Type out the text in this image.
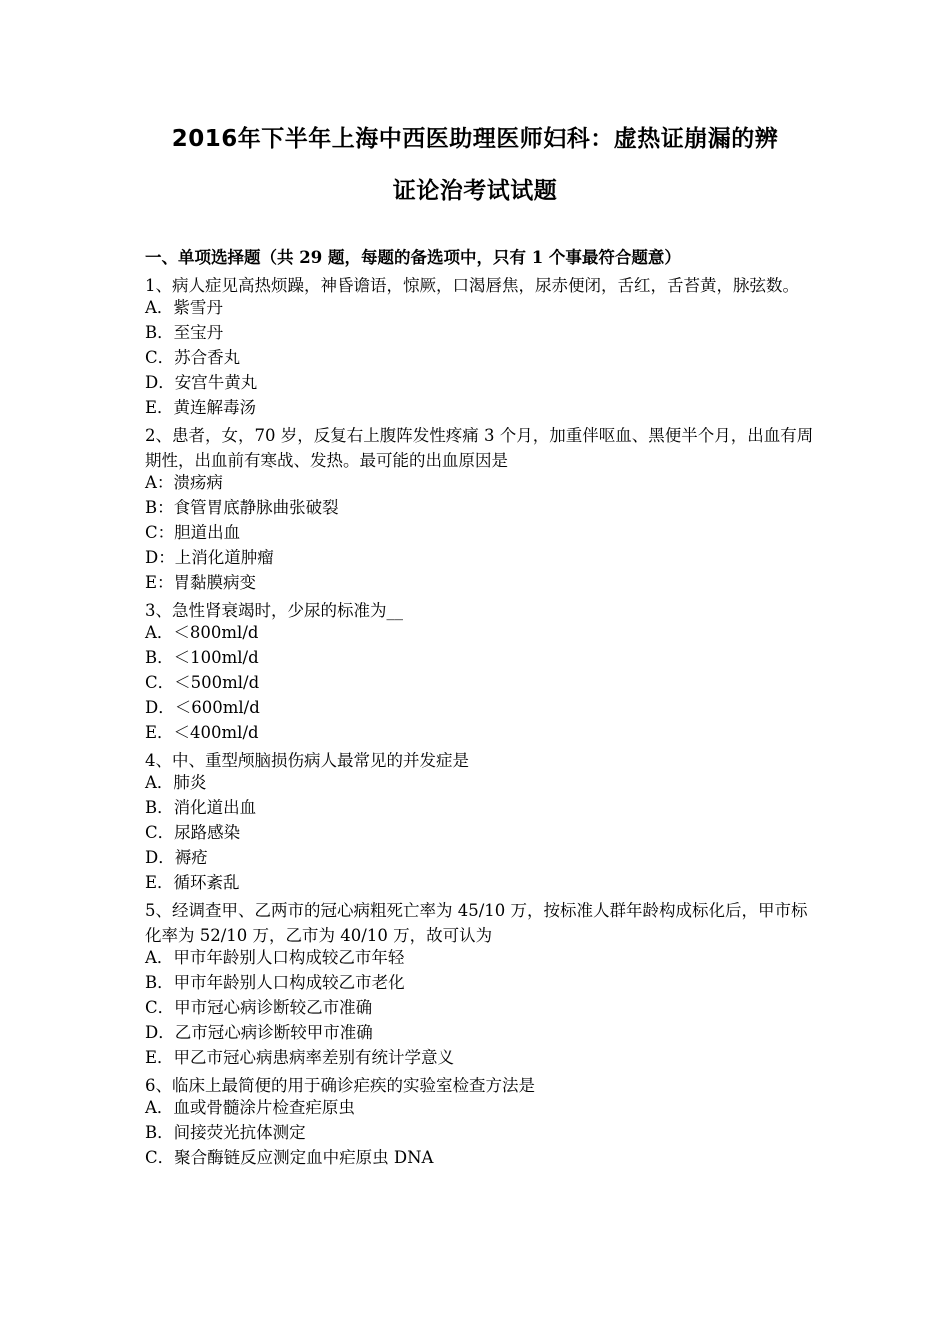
2016年下半年上海中西医助理医师妇科：虚热证崩漏的辨
证论治考试试题
一、单项选择题（共 29 题，每题的备选项中，只有 1 个事最符合题意）
1、病人症见高热烦躁，神昏谵语，惊厥，口渴唇焦，尿赤便闭，舌红，舌苔黄，脉弦数。
A．紫雪丹
B．至宝丹
C．苏合香丸
D．安宫牛黄丸
E．黄连解毒汤
2、患者，女，70 岁，反复右上腹阵发性疼痛 3 个月，加重伴呕血、黑便半个月，出血有周期性，出血前有寒战、发热。最可能的出血原因是
A：溃疡病
B：食管胃底静脉曲张破裂
C：胆道出血
D：上消化道肿瘤
E：胃黏膜病变
3、急性肾衰竭时，少尿的标准为__
A．＜800ml/d
B．＜100ml/d
C．＜500ml/d
D．＜600ml/d
E．＜400ml/d
4、中、重型颅脑损伤病人最常见的并发症是
A．肺炎
B．消化道出血
C．尿路感染
D．褥疮
E．循环紊乱
5、经调查甲、乙两市的冠心病粗死亡率为 45/10 万，按标准人群年龄构成标化后，甲市标化率为 52/10 万，乙市为 40/10 万，故可认为
A．甲市年龄别人口构成较乙市年轻
B．甲市年龄别人口构成较乙市老化
C．甲市冠心病诊断较乙市准确
D．乙市冠心病诊断较甲市准确
E．甲乙市冠心病患病率差别有统计学意义
6、临床上最简便的用于确诊疟疾的实验室检查方法是
A．血或骨髓涂片检查疟原虫
B．间接荧光抗体测定
C．聚合酶链反应测定血中疟原虫 DNA
